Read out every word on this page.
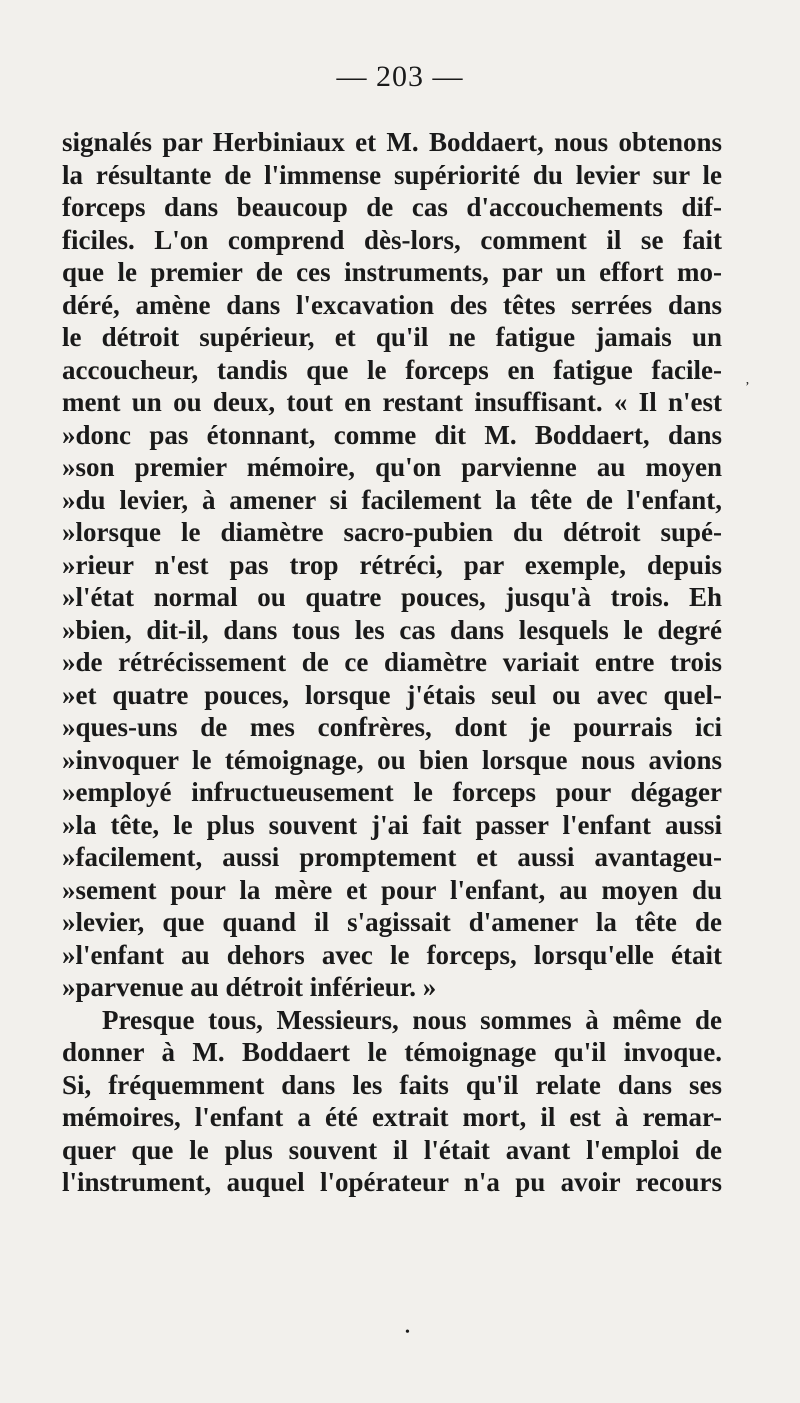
— 203 —
signalés par Herbiniaux et M. Boddaert, nous obtenons
la résultante de l'immense supériorité du levier sur le
forceps dans beaucoup de cas d'accouchements dif-
ficiles. L'on comprend dès-lors, comment il se fait
que le premier de ces instruments, par un effort mo-
déré, amène dans l'excavation des têtes serrées dans
le détroit supérieur, et qu'il ne fatigue jamais un
accoucheur, tandis que le forceps en fatigue facile-
ment un ou deux, tout en restant insuffisant. « Il n'est
»donc pas étonnant, comme dit M. Boddaert, dans
»son premier mémoire, qu'on parvienne au moyen
»du levier, à amener si facilement la tête de l'enfant,
»lorsque le diamètre sacro-pubien du détroit supé-
»rieur n'est pas trop rétréci, par exemple, depuis
»l'état normal ou quatre pouces, jusqu'à trois. Eh
»bien, dit-il, dans tous les cas dans lesquels le degré
»de rétrécissement de ce diamètre variait entre trois
»et quatre pouces, lorsque j'étais seul ou avec quel-
»ques-uns de mes confrères, dont je pourrais ici
»invoquer le témoignage, ou bien lorsque nous avions
»employé infructueusement le forceps pour dégager
»la tête, le plus souvent j'ai fait passer l'enfant aussi
»facilement, aussi promptement et aussi avantageu-
»sement pour la mère et pour l'enfant, au moyen du
»levier, que quand il s'agissait d'amener la tête de
»l'enfant au dehors avec le forceps, lorsqu'elle était
»parvenue au détroit inférieur. »
Presque tous, Messieurs, nous sommes à même de
donner à M. Boddaert le témoignage qu'il invoque.
Si, fréquemment dans les faits qu'il relate dans ses
mémoires, l'enfant a été extrait mort, il est à remar-
quer que le plus souvent il l'était avant l'emploi de
l'instrument, auquel l'opérateur n'a pu avoir recours
ʼ
•
